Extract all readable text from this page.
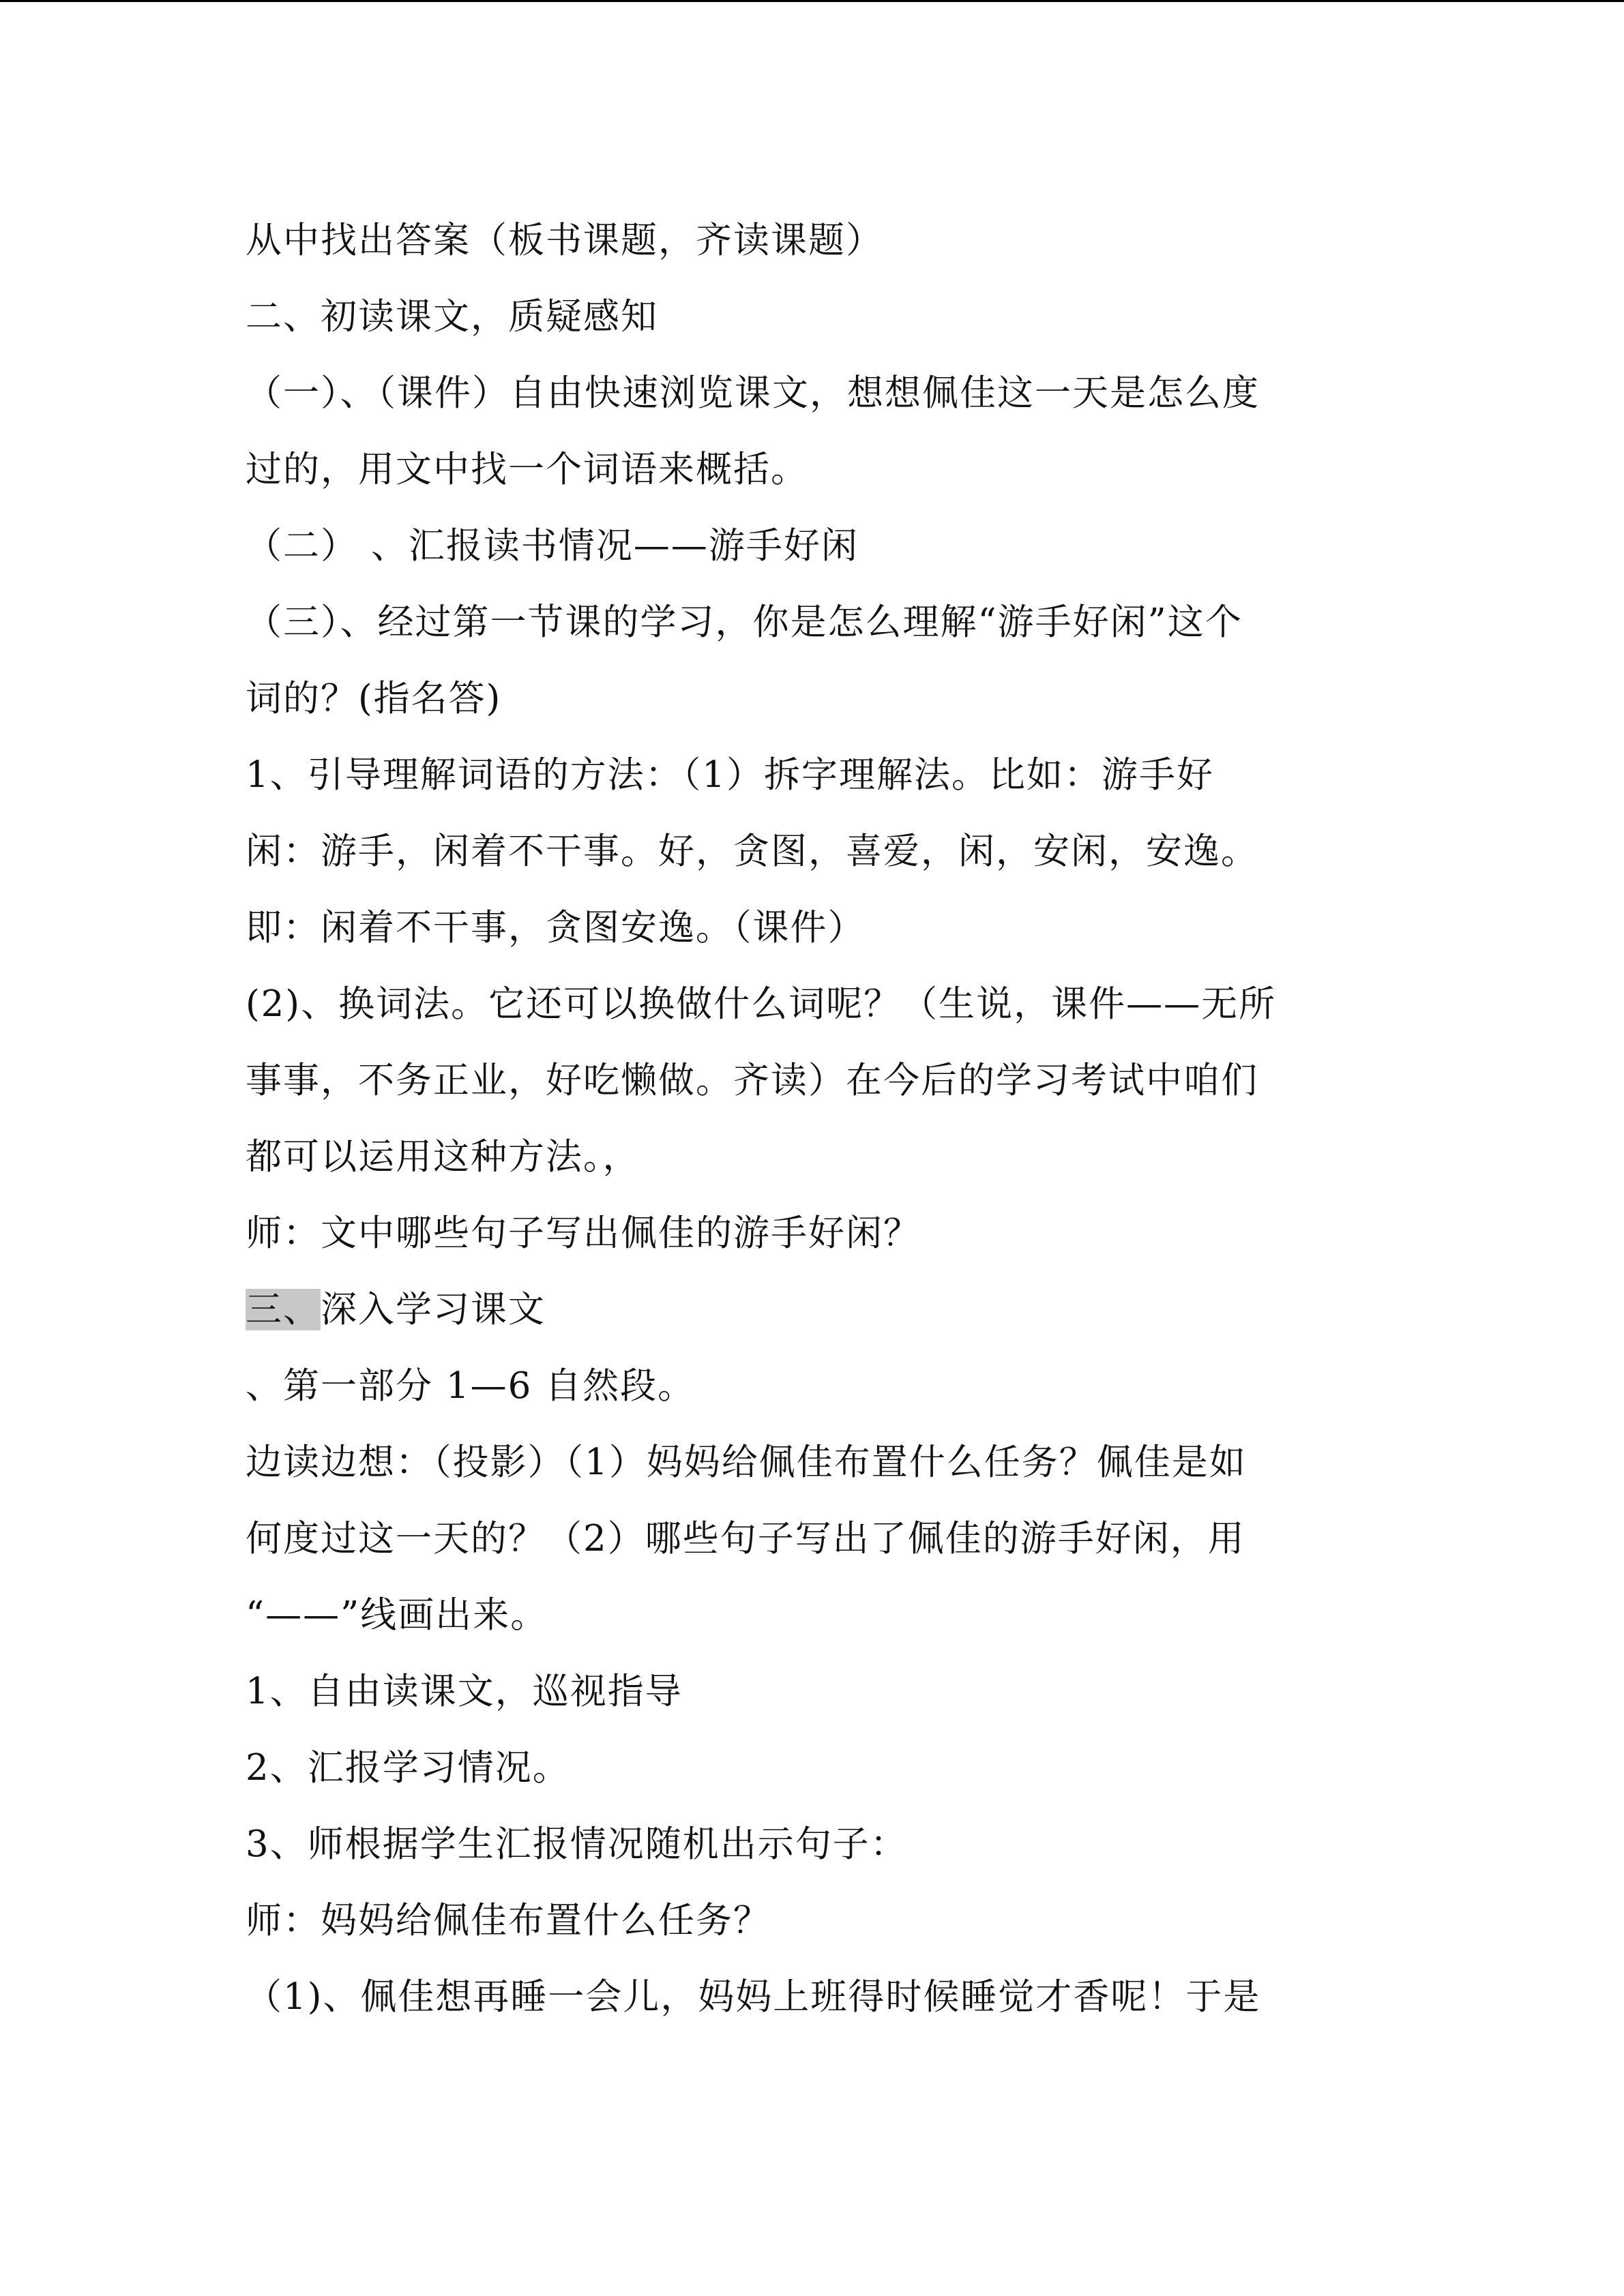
从中找出答案（板书课题，齐读课题）
二、初读课文，质疑感知
（一）、（课件）自由快速浏览课文，想想佩佳这一天是怎么度
过的，用文中找一个词语来概括。
（二） 、汇报读书情况——游手好闲
（三）、经过第一节课的学习，你是怎么理解“游手好闲”这个
词的？(指名答)
1、引导理解词语的方法：（1）拆字理解法。比如：游手好
闲：游手，闲着不干事。好，贪图，喜爱，闲，安闲，安逸。
即：闲着不干事，贪图安逸。（课件）
(2)、换词法。它还可以换做什么词呢？（生说，课件——无所
事事，不务正业，好吃懒做。齐读）在今后的学习考试中咱们
都可以运用这种方法。，
师：文中哪些句子写出佩佳的游手好闲？
三、深入学习课文
、第一部分 1—6 自然段。
边读边想：（投影）（1）妈妈给佩佳布置什么任务？佩佳是如
何度过这一天的？（2）哪些句子写出了佩佳的游手好闲，用
“——”线画出来。
1、自由读课文，巡视指导
2、汇报学习情况。
3、师根据学生汇报情况随机出示句子：
师：妈妈给佩佳布置什么任务？
（1)、佩佳想再睡一会儿，妈妈上班得时候睡觉才香呢！于是
